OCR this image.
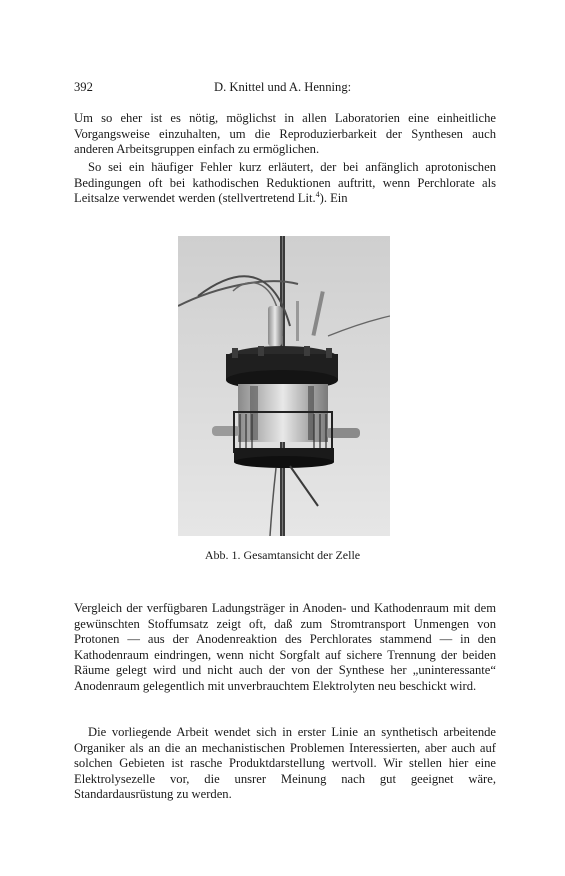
392	D. Knittel und A. Henning:

Um so eher ist es nötig, möglichst in allen Laboratorien eine einheitliche Vorgangsweise einzuhalten, um die Reproduzierbarkeit der Synthesen auch anderen Arbeitsgruppen einfach zu ermöglichen.

So sei ein häufiger Fehler kurz erläutert, der bei anfänglich aprotonischen Bedingungen oft bei kathodischen Reduktionen auftritt, wenn Perchlorate als Leitsalze verwendet werden (stellvertretend Lit.$^4$). Ein

Abb. 1. Gesamtansicht der Zelle

Vergleich der verfügbaren Ladungsträger in Anoden- und Kathodenraum mit dem gewünschten Stoffumsatz zeigt oft, daß zum Stromtransport Unmengen von Protonen — aus der Anodenreaktion des Perchlorates stammend — in den Kathodenraum eindringen, wenn nicht Sorgfalt auf sichere Trennung der beiden Räume gelegt wird und nicht auch der von der Synthese her „uninteressante“ Anodenraum gelegentlich mit unverbrauchtem Elektrolyten neu beschickt wird.

Die vorliegende Arbeit wendet sich in erster Linie an synthetisch arbeitende Organiker als an die an mechanistischen Problemen Interessierten, aber auch auf solchen Gebieten ist rasche Produktdarstellung wertvoll. Wir stellen hier eine Elektrolysezelle vor, die unsrer Meinung nach gut geeignet wäre, Standardausrüstung zu werden.
